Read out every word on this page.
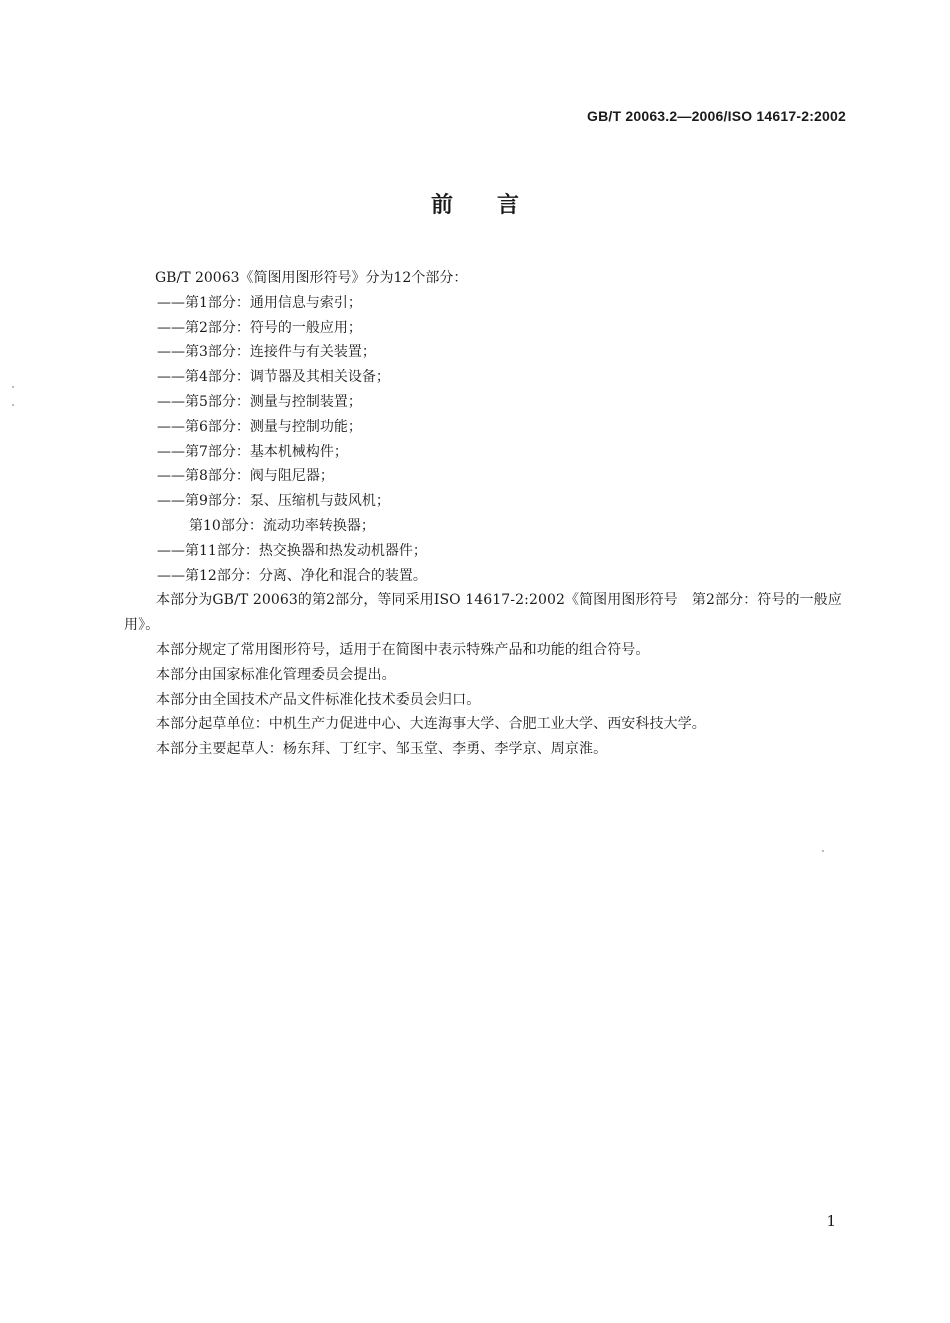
GB/T 20063.2—2006/ISO 14617-2:2002
前 言
GB/T 20063《简图用图形符号》分为12个部分：
——第1部分：通用信息与索引；
——第2部分：符号的一般应用；
——第3部分：连接件与有关装置；
——第4部分：调节器及其相关设备；
——第5部分：测量与控制装置；
——第6部分：测量与控制功能；
——第7部分：基本机械构件；
——第8部分：阀与阻尼器；
——第9部分：泵、压缩机与鼓风机；
第10部分：流动功率转换器；
——第11部分：热交换器和热发动机器件；
——第12部分：分离、净化和混合的装置。
本部分为GB/T 20063的第2部分，等同采用ISO 14617-2:2002《简图用图形符号　第2部分：符号的一般应用》。
本部分规定了常用图形符号，适用于在简图中表示特殊产品和功能的组合符号。
本部分由国家标准化管理委员会提出。
本部分由全国技术产品文件标准化技术委员会归口。
本部分起草单位：中机生产力促进中心、大连海事大学、合肥工业大学、西安科技大学。
本部分主要起草人：杨东拜、丁红宇、邹玉堂、李勇、李学京、周京淮。
1
